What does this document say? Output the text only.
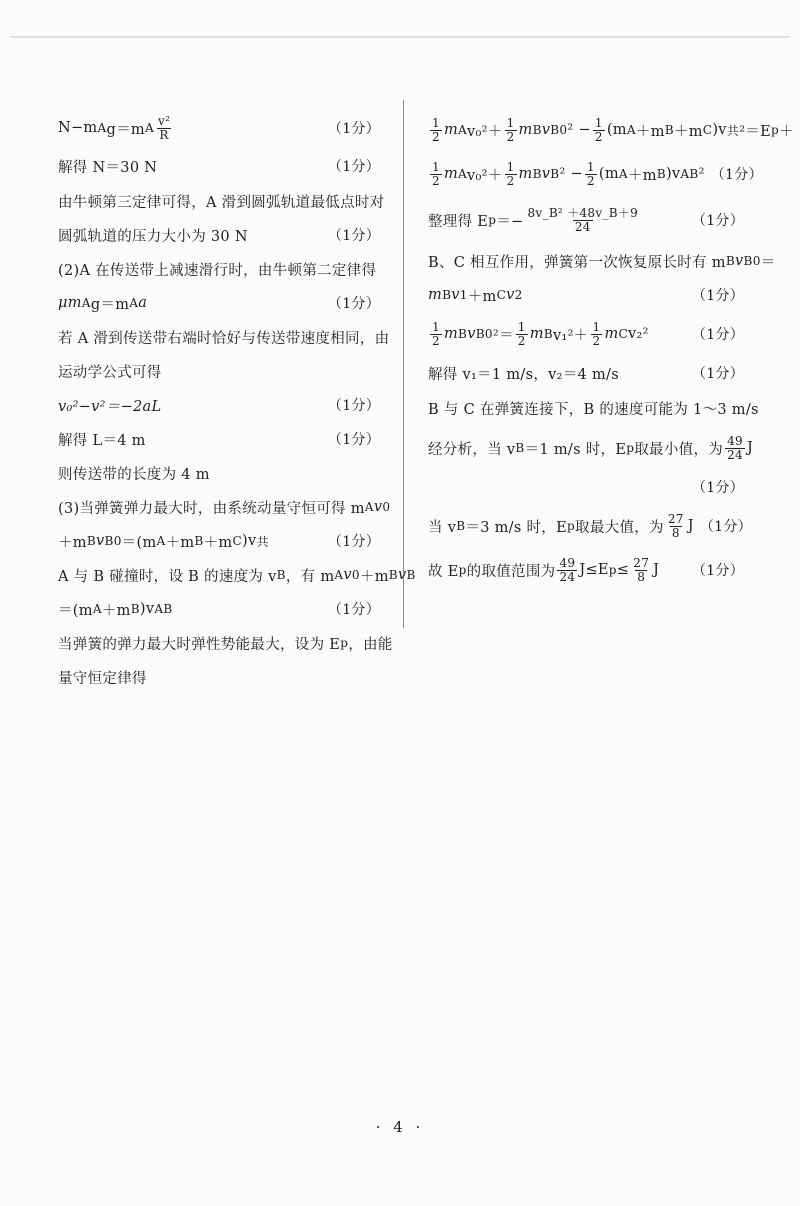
N−m A g＝m A $\frac{\text{v²}}{R}$	（1分）
解得 N＝30 N	（1分）
由牛顿第三定律可得，A 滑到圆弧轨道最低点时对
圆弧轨道的压力大小为 30 N	（1分）
(2)A 在传送带上减速滑行时，由牛顿第二定律得
μm A g＝m A a	（1分）
若 A 滑到传送带右端时恰好与传送带速度相同，由
运动学公式可得
v₀²−v²＝−2aL	（1分）
解得 L＝4 m	（1分）
则传送带的长度为 4 m
(3)当弹簧弹力最大时，由系统动量守恒可得 m A v 0
＋m B v B0 ＝(m A ＋m B ＋m C )v 共	（1分）
A 与 B 碰撞时，设 B 的速度为 v B ，有 m A v 0 ＋m B v B
＝(m A ＋m B )v AB	（1分）
当弹簧的弹力最大时弹性势能最大，设为 E p ，由能
量守恒定律得
$\frac{1}{2}$ m A $v_0^2+ \frac{1}{2}$ m B v B0 $^2 - \frac{1}{2} (m$ A ＋m B ＋m C )v 共 ²＝E p ＋
$\frac{1}{2}$ m A $v_0^2+ \frac{1}{2}$ m B v B $^2 - \frac{1}{2} (m$ A ＋m B )v AB ² （1分）
整理得 E $p =- \frac{\text{8v\_B² ＋48v\_B＋9}}{24}$	（1分）
B、C 相互作用，弹簧第一次恢复原长时有 m B v B0 ＝
m B v 1 ＋m C v 2	（1分）
$\frac{1}{2}$ m B v B0 $^2= \frac{1}{2}$ m B $v_1^2+ \frac{1}{2}$ m C v₂²	（1分）
解得 v₁＝1 m/s，v₂＝4 m/s	（1分）
B 与 C 在弹簧连接下，B 的速度可能为 1～3 m/s
经分析，当 v B ＝1 m/s 时，E p 取最小值，为 $\frac{49}{24}$ J
（1分）
当 v B ＝3 m/s 时，E p 取最大值，为 $\frac{27}{8}$ J （1分）
故 E p 的取值范围为 $\frac{49}{24} J\le E$ $p \le \frac{27}{8}$ J	（1分）
· 4 ·
